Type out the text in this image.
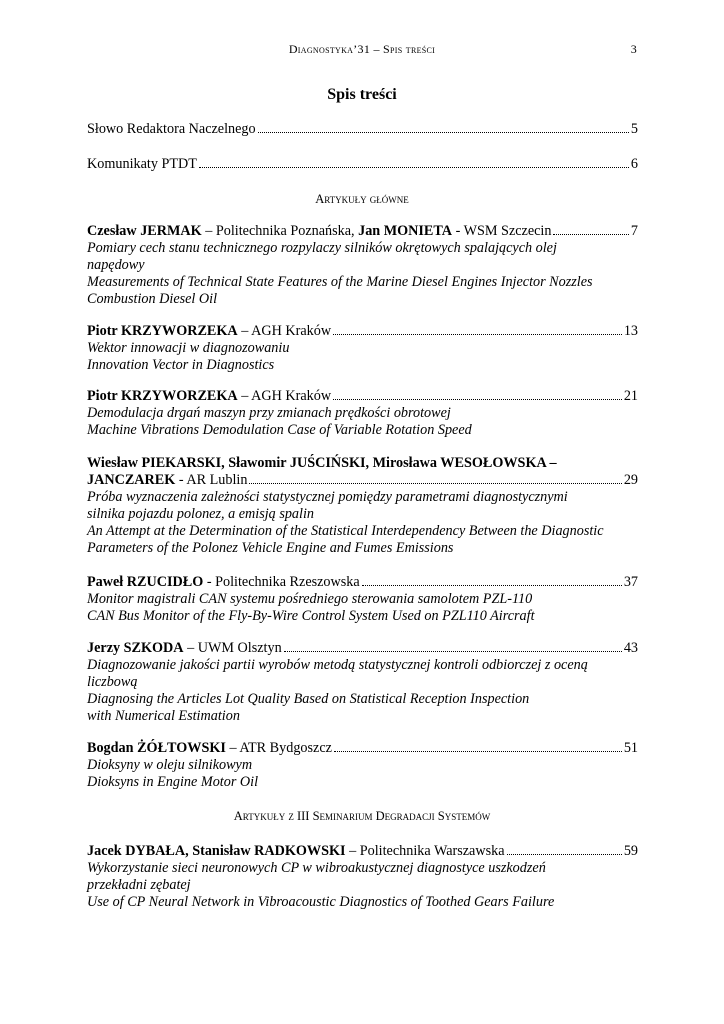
Diagnostyka’31 – Spis treści	3
Spis treści
Słowo Redaktora Naczelnego	5
Komunikaty PTDT	6
Artykuły główne
Czesław JERMAK – Politechnika Poznańska, Jan MONIETA - WSM Szczecin	7
Pomiary cech stanu technicznego rozpylaczy silników okrętowych spalających olej
napędowy
Measurements of Technical State Features of the Marine Diesel Engines Injector Nozzles
Combustion Diesel Oil
Piotr KRZYWORZEKA – AGH Kraków	13
Wektor innowacji w diagnozowaniu
Innovation Vector in Diagnostics
Piotr KRZYWORZEKA – AGH Kraków	21
Demodulacja drgań maszyn przy zmianach prędkości obrotowej
Machine Vibrations Demodulation Case of Variable Rotation Speed
Wiesław PIEKARSKI, Sławomir JUŚCIŃSKI, Mirosława WESOŁOWSKA –
JANCZAREK - AR Lublin	29
Próba wyznaczenia zależności statystycznej pomiędzy parametrami diagnostycznymi
silnika pojazdu polonez, a emisją spalin
An Attempt at the Determination of the Statistical Interdependency Between the Diagnostic
Parameters of the Polonez Vehicle Engine and Fumes Emissions
Paweł RZUCIDŁO - Politechnika Rzeszowska	37
Monitor magistrali CAN systemu pośredniego sterowania samolotem PZL-110
CAN Bus Monitor of the Fly-By-Wire Control System Used on PZL110 Aircraft
Jerzy SZKODA – UWM Olsztyn	43
Diagnozowanie jakości partii wyrobów metodą statystycznej kontroli odbiorczej z oceną
liczbową
Diagnosing the Articles Lot Quality Based on Statistical Reception Inspection
with Numerical Estimation
Bogdan ŻÓŁTOWSKI – ATR Bydgoszcz	51
Dioksyny w oleju silnikowym
Dioksyns in Engine Motor Oil
Artykuły z III Seminarium Degradacji Systemów
Jacek DYBAŁA, Stanisław RADKOWSKI – Politechnika Warszawska	59
Wykorzystanie sieci neuronowych CP w wibroakustycznej diagnostyce uszkodzeń
przekładni zębatej
Use of CP Neural Network in Vibroacoustic Diagnostics of Toothed Gears Failure
